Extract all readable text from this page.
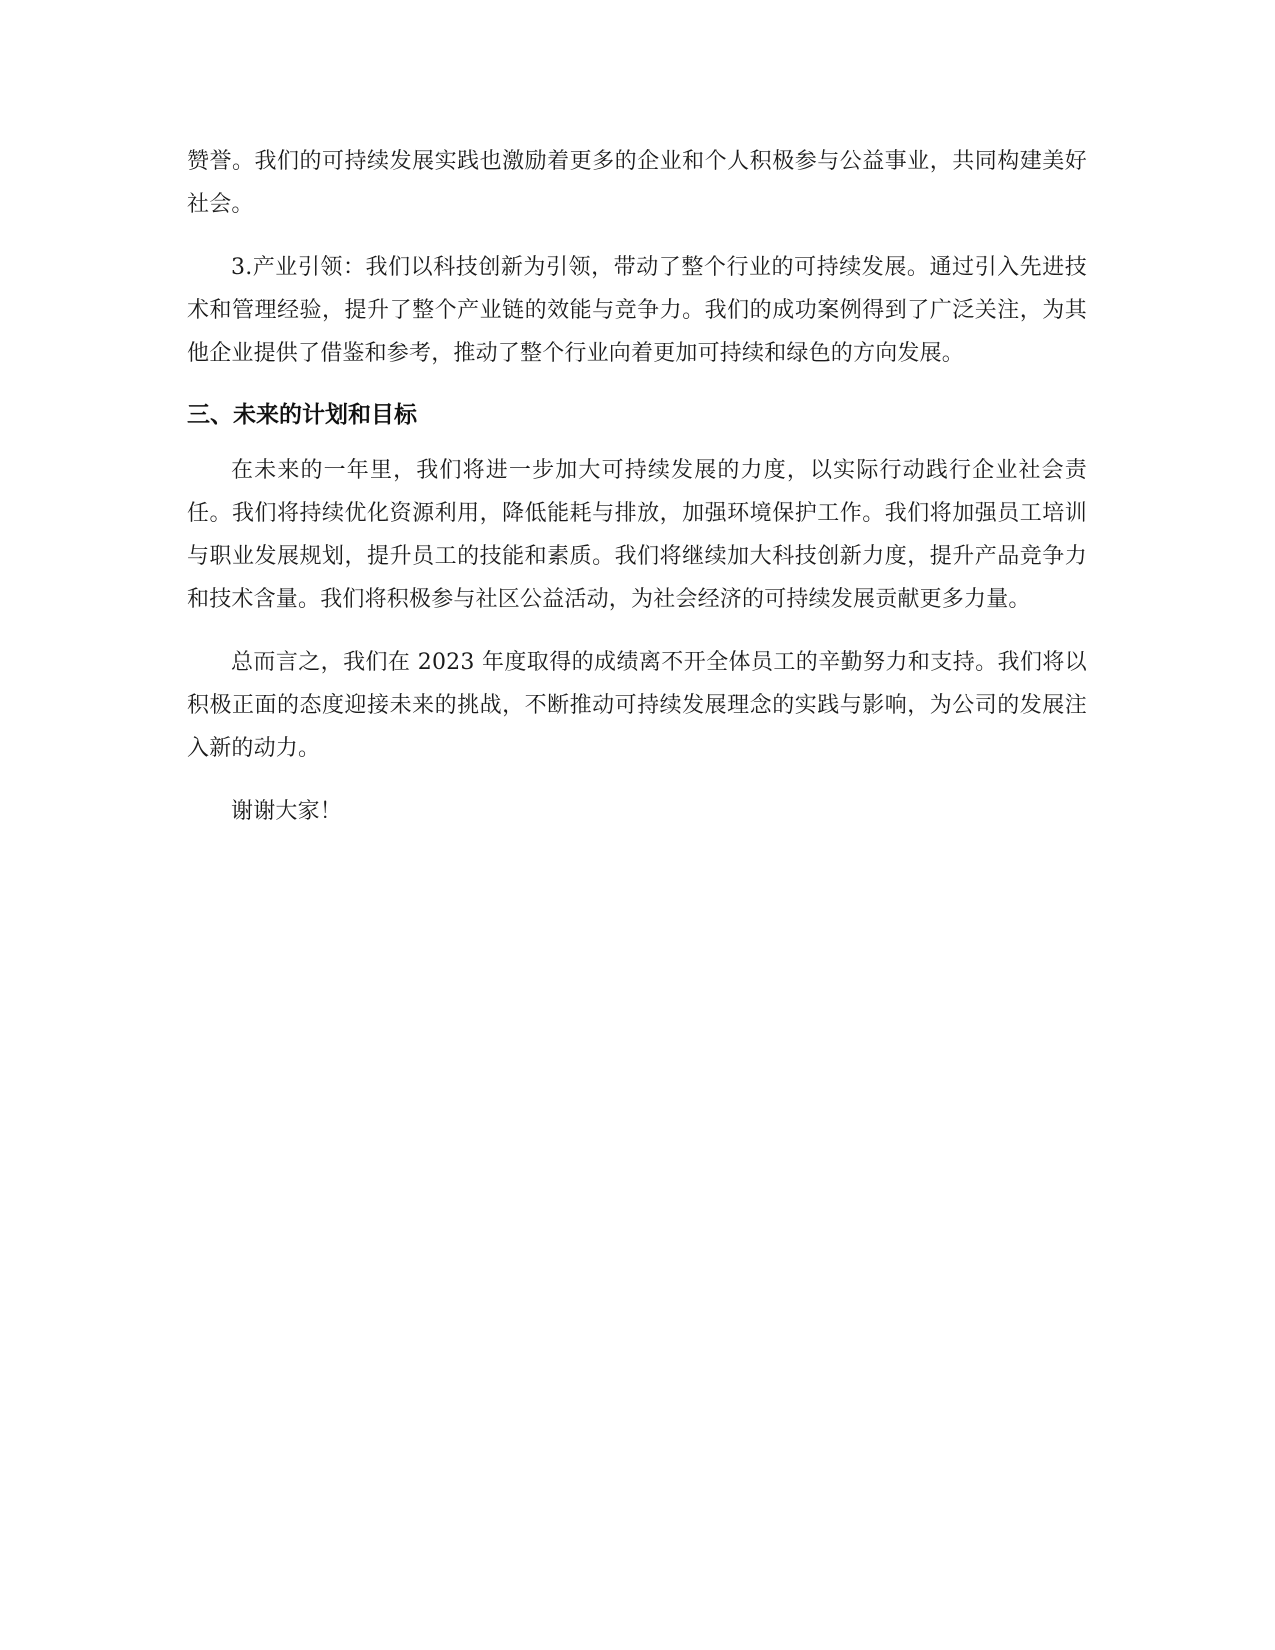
赞誉。我们的可持续发展实践也激励着更多的企业和个人积极参与公益事业，共同构建美好社会。

3.产业引领：我们以科技创新为引领，带动了整个行业的可持续发展。通过引入先进技术和管理经验，提升了整个产业链的效能与竞争力。我们的成功案例得到了广泛关注，为其他企业提供了借鉴和参考，推动了整个行业向着更加可持续和绿色的方向发展。

三、未来的计划和目标

在未来的一年里，我们将进一步加大可持续发展的力度，以实际行动践行企业社会责任。我们将持续优化资源利用，降低能耗与排放，加强环境保护工作。我们将加强员工培训与职业发展规划，提升员工的技能和素质。我们将继续加大科技创新力度，提升产品竞争力和技术含量。我们将积极参与社区公益活动，为社会经济的可持续发展贡献更多力量。

总而言之，我们在 2023 年度取得的成绩离不开全体员工的辛勤努力和支持。我们将以积极正面的态度迎接未来的挑战，不断推动可持续发展理念的实践与影响，为公司的发展注入新的动力。

谢谢大家！
